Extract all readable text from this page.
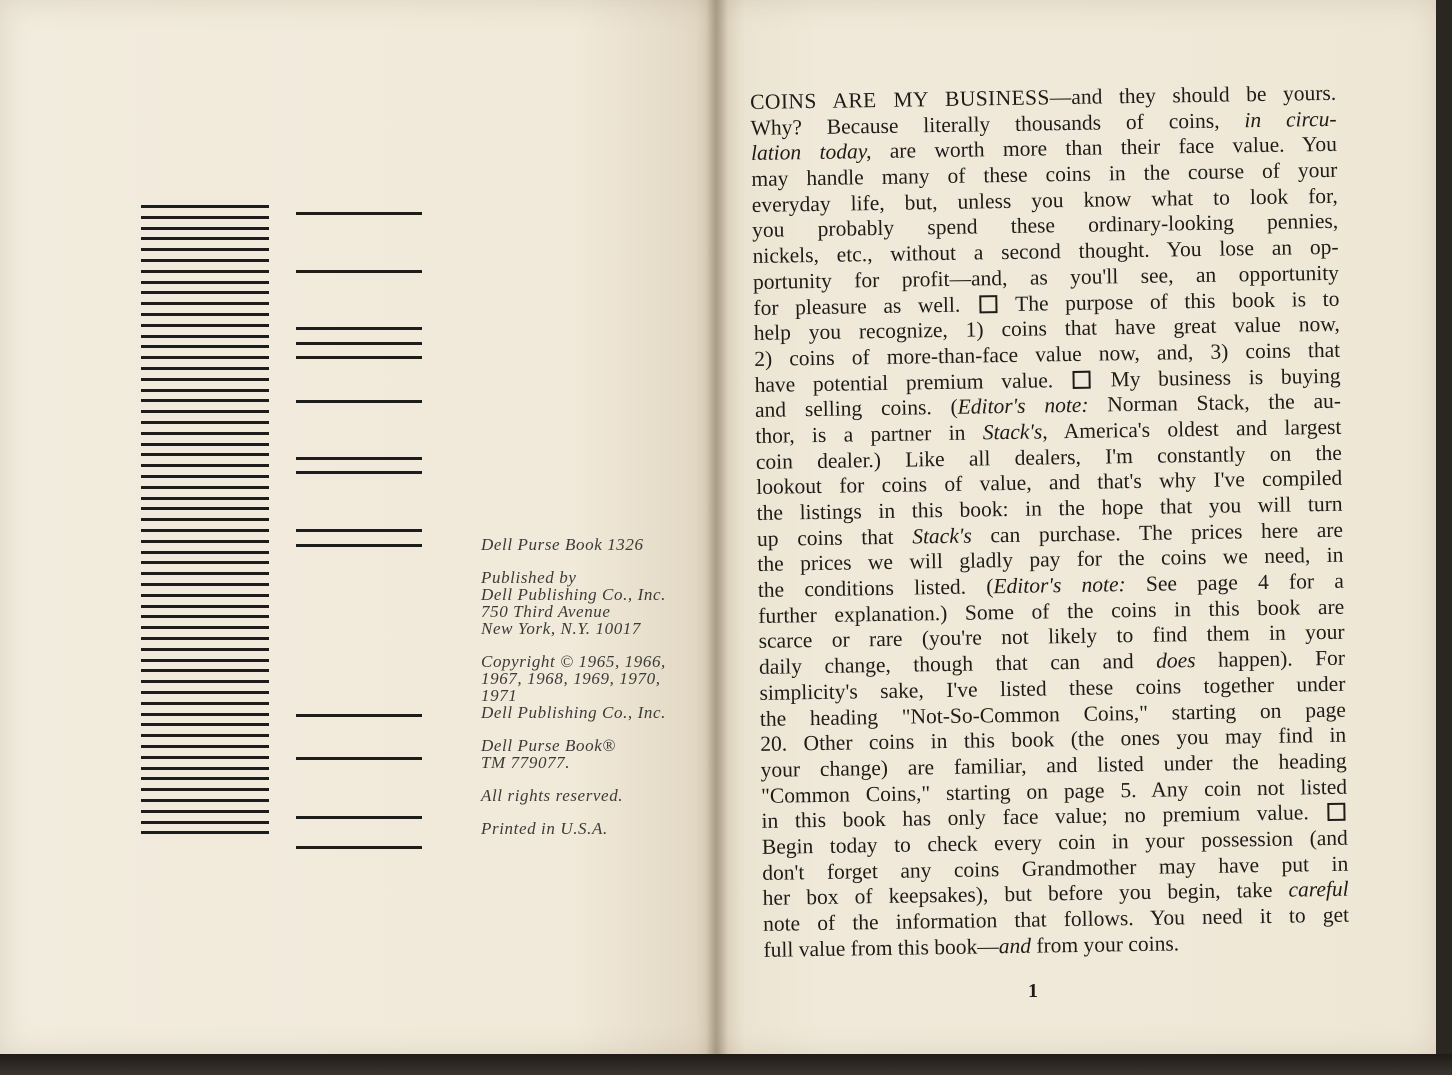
Dell Purse Book 1326
Published by
Dell Publishing Co., Inc.
750 Third Avenue
New York, N.Y. 10017
Copyright © 1965, 1966,
1967, 1968, 1969, 1970,
1971
Dell Publishing Co., Inc.
Dell Purse Book®
TM 779077.
All rights reserved.
Printed in U.S.A.
COINS ARE MY BUSINESS—and they should be yours.
Why? Because literally thousands of coins, in circu-
lation today, are worth more than their face value. You
may handle many of these coins in the course of your
everyday life, but, unless you know what to look for,
you probably spend these ordinary-looking pennies,
nickels, etc., without a second thought. You lose an op-
portunity for profit—and, as you'll see, an opportunity
for pleasure as well.  The purpose of this book is to
help you recognize, 1) coins that have great value now,
2) coins of more-than-face value now, and, 3) coins that
have potential premium value.  My business is buying
and selling coins. (Editor's note: Norman Stack, the au-
thor, is a partner in Stack's, America's oldest and largest
coin dealer.) Like all dealers, I'm constantly on the
lookout for coins of value, and that's why I've compiled
the listings in this book: in the hope that you will turn
up coins that Stack's can purchase. The prices here are
the prices we will gladly pay for the coins we need, in
the conditions listed. (Editor's note: See page 4 for a
further explanation.) Some of the coins in this book are
scarce or rare (you're not likely to find them in your
daily change, though that can and does happen). For
simplicity's sake, I've listed these coins together under
the heading "Not-So-Common Coins," starting on page
20. Other coins in this book (the ones you may find in
your change) are familiar, and listed under the heading
"Common Coins," starting on page 5. Any coin not listed
in this book has only face value; no premium value.
Begin today to check every coin in your possession (and
don't forget any coins Grandmother may have put in
her box of keepsakes), but before you begin, take careful
note of the information that follows. You need it to get
full value from this book—and from your coins.
1
